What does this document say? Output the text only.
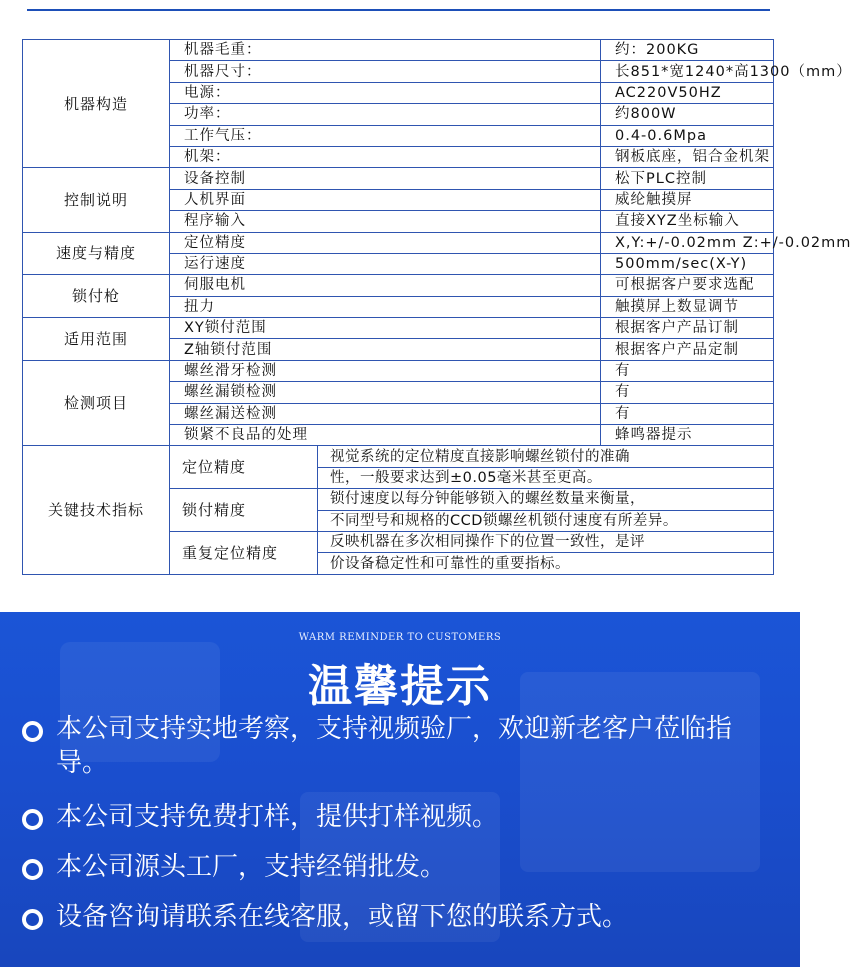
机器构造	机器毛重：		约：200KG
	机器尺寸：		长851*宽1240*高1300（mm）
	电源：		AC220V50HZ
	功率：		约800W
	工作气压：		0.4-0.6Mpa
	机架：		钢板底座，铝合金机架
控制说明	设备控制		松下PLC控制
	人机界面		威纶触摸屏
	程序输入		直接XYZ坐标输入
速度与精度	定位精度		X,Y:+/-0.02mm Z:+/-0.02mm
	运行速度		500mm/sec(X-Y)
锁付枪	伺服电机		可根据客户要求选配
	扭力		触摸屏上数显调节
适用范围	XY锁付范围		根据客户产品订制
	Z轴锁付范围		根据客户产品定制
检测项目	螺丝滑牙检测		有
	螺丝漏锁检测		有
	螺丝漏送检测		有
	锁紧不良品的处理		蜂鸣器提示
关键技术指标	定位精度	视觉系统的定位精度直接影响螺丝锁付的准确	
		性，一般要求达到±0.05毫米甚至更高。	
	锁付精度	锁付速度以每分钟能够锁入的螺丝数量来衡量，	
		不同型号和规格的CCD锁螺丝机锁付速度有所差异。	
	重复定位精度	反映机器在多次相同操作下的位置一致性，是评	
		价设备稳定性和可靠性的重要指标。	
WARM REMINDER TO CUSTOMERS
温馨提示
本公司支持实地考察，支持视频验厂，欢迎新老客户莅临指导。
本公司支持免费打样，提供打样视频。
本公司源头工厂，支持经销批发。
设备咨询请联系在线客服，或留下您的联系方式。
